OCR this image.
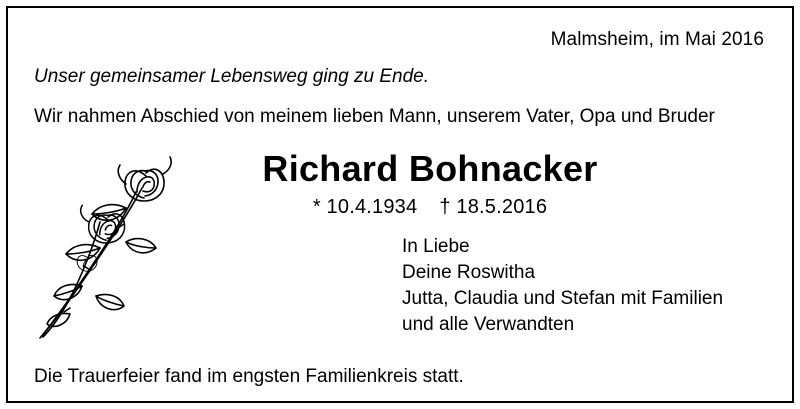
Malmsheim, im Mai 2016
Unser gemeinsamer Lebensweg ging zu Ende.
Wir nahmen Abschied von meinem lieben Mann, unserem Vater, Opa und Bruder
Richard Bohnacker
* 10.4.1934 † 18.5.2016
In Liebe
Deine Roswitha
Jutta, Claudia und Stefan mit Familien
und alle Verwandten
Die Trauerfeier fand im engsten Familienkreis statt.
